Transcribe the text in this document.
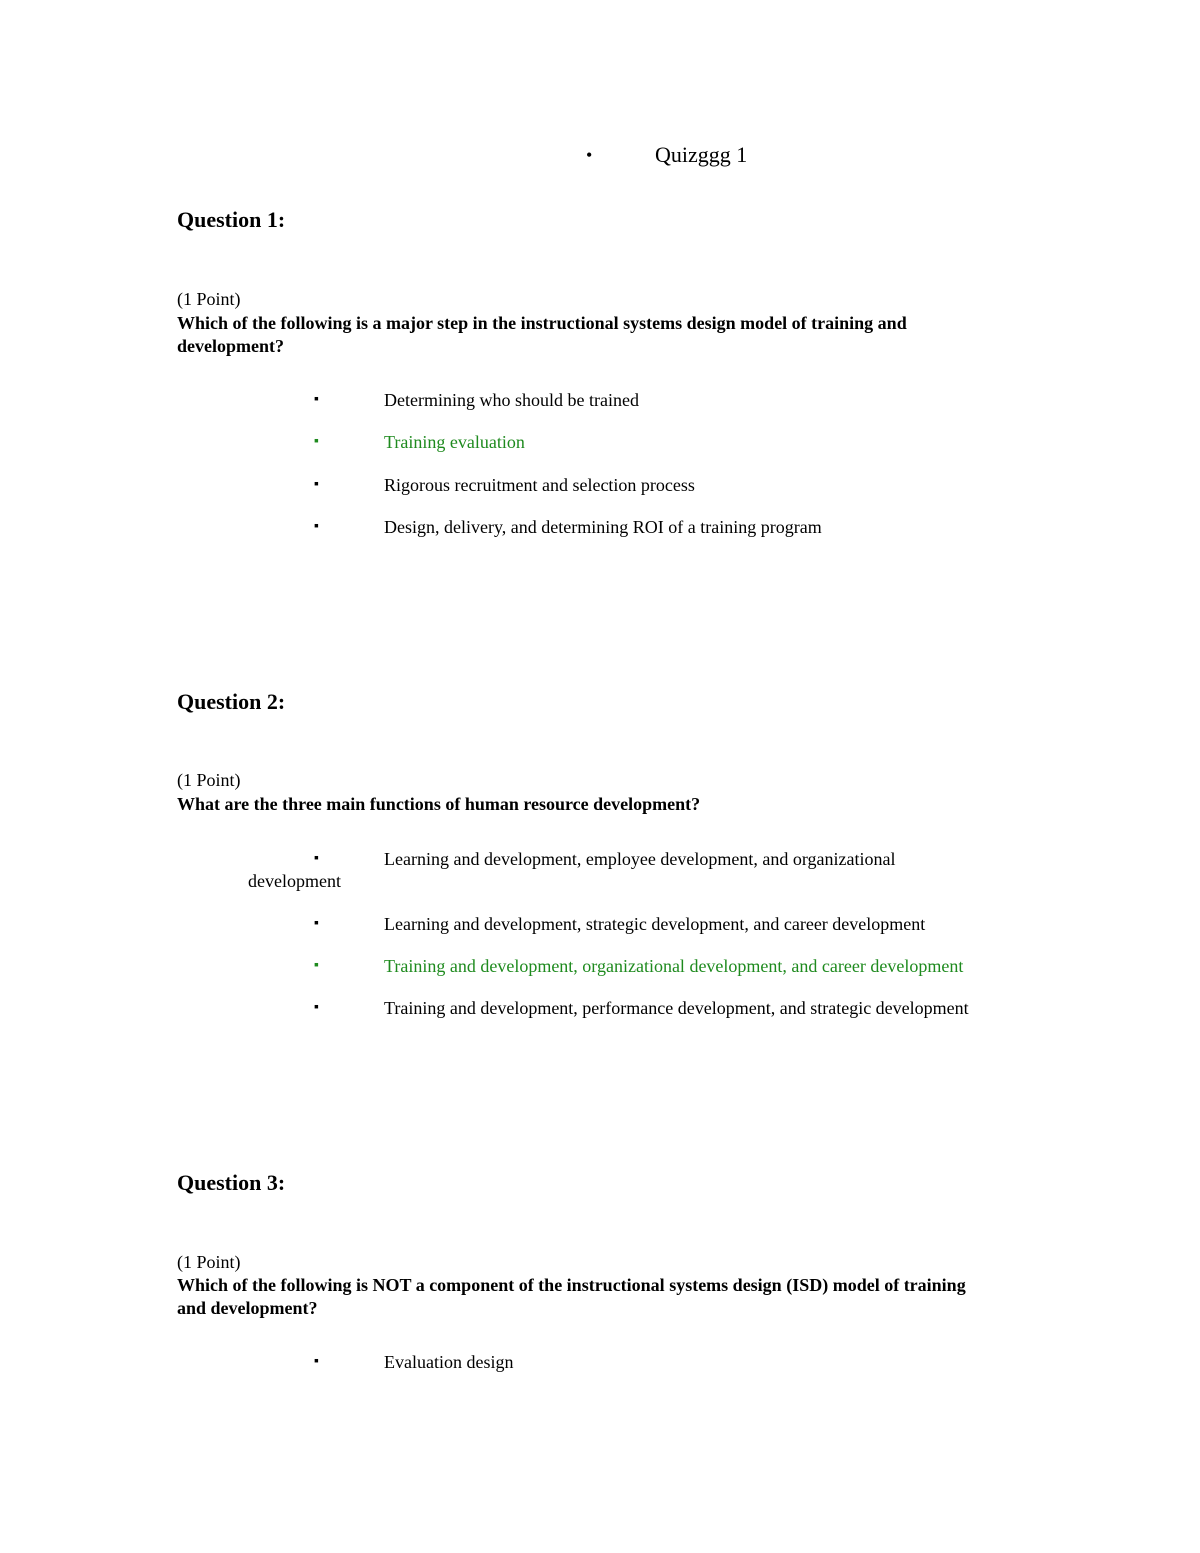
•	Quizggg 1
Question 1:
(1 Point)
Which of the following is a major step in the instructional systems design model of training and development?
▪	Determining who should be trained
▪	Training evaluation
▪	Rigorous recruitment and selection process
▪	Design, delivery, and determining ROI of a training program
Question 2:
(1 Point)
What are the three main functions of human resource development?
▪	Learning and development, employee development, and organizational
development
▪	Learning and development, strategic development, and career development
▪	Training and development, organizational development, and career development
▪	Training and development, performance development, and strategic development
Question 3:
(1 Point)
Which of the following is NOT a component of the instructional systems design (ISD) model of training and development?
▪	Evaluation design
